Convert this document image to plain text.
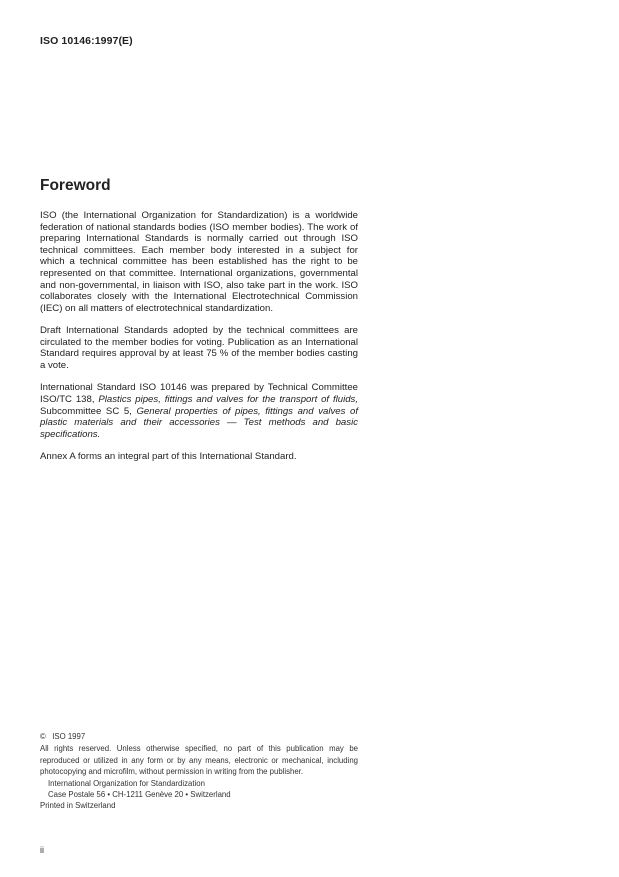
ISO 10146:1997(E)
Foreword
ISO (the International Organization for Standardization) is a worldwide
federation of national standards bodies (ISO member bodies). The work of
preparing International Standards is normally carried out through ISO
technical committees. Each member body interested in a subject for
which a technical committee has been established has the right to be
represented on that committee. International organizations, governmental
and non-governmental, in liaison with ISO, also take part in the work. ISO
collaborates closely with the International Electrotechnical Commission
(IEC) on all matters of electrotechnical standardization.
Draft International Standards adopted by the technical committees are
circulated to the member bodies for voting. Publication as an International
Standard requires approval by at least 75 % of the member bodies casting
a vote.
International Standard ISO 10146 was prepared by Technical Committee
ISO/TC 138, Plastics pipes, fittings and valves for the transport of fluids,
Subcommittee SC 5, General properties of pipes, fittings and valves of
plastic materials and their accessories — Test methods and basic
specifications.
Annex A forms an integral part of this International Standard.
©   ISO 1997
All rights reserved. Unless otherwise specified, no part of this publication may be
reproduced or utilized in any form or by any means, electronic or mechanical, including
photocopying and microfilm, without permission in writing from the publisher.
International Organization for Standardization
Case Postale 56 • CH-1211 Genève 20 • Switzerland
Printed in Switzerland
ii
